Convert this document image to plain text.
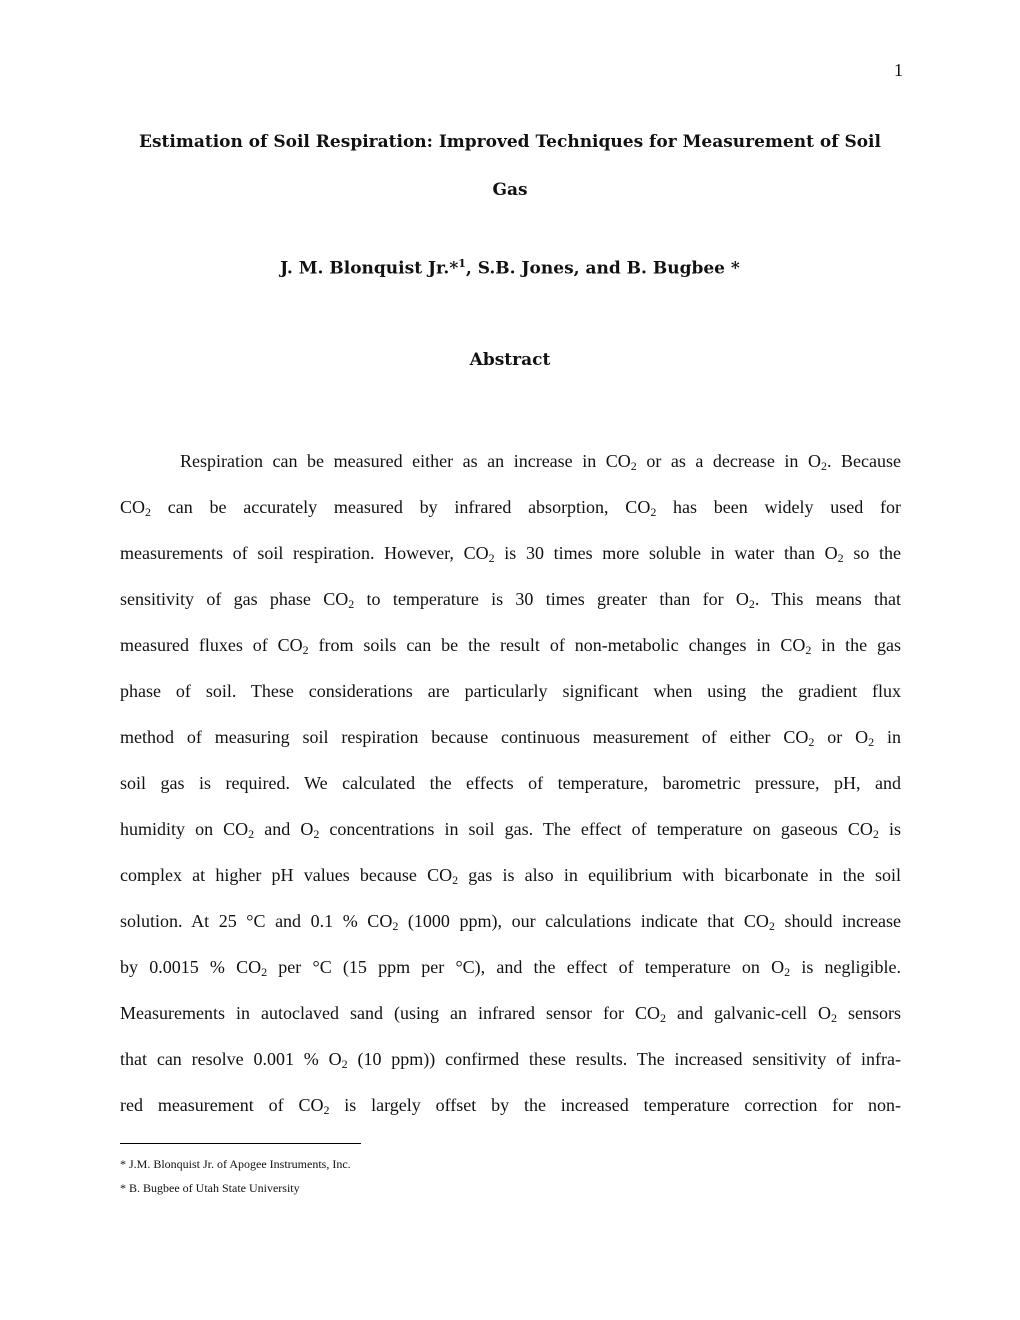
1
Estimation of Soil Respiration: Improved Techniques for Measurement of Soil
Gas
J. M. Blonquist Jr.*$^1$, S.B. Jones, and B. Bugbee *
Abstract
Respiration can be measured either as an increase in $CO_2$ or as a decrease in $O_2$. Because
$CO_2$ can be accurately measured by infrared absorption, $CO_2$ has been widely used for
measurements of soil respiration. However, $CO_2$ is 30 times more soluble in water than $O_2$ so the
sensitivity of gas phase $CO_2$ to temperature is 30 times greater than for $O_2$. This means that
measured fluxes of $CO_2$ from soils can be the result of non-metabolic changes in $CO_2$ in the gas
phase of soil. These considerations are particularly significant when using the gradient flux
method of measuring soil respiration because continuous measurement of either $CO_2$ or $O_2$ in
soil gas is required. We calculated the effects of temperature, barometric pressure, pH, and
humidity on $CO_2$ and $O_2$ concentrations in soil gas. The effect of temperature on gaseous $CO_2$ is
complex at higher pH values because $CO_2$ gas is also in equilibrium with bicarbonate in the soil
solution. At 25 °C and 0.1 % $CO_2$ (1000 ppm), our calculations indicate that $CO_2$ should increase
by 0.0015 % $CO_2$ per °C (15 ppm per °C), and the effect of temperature on $O_2$ is negligible.
Measurements in autoclaved sand (using an infrared sensor for $CO_2$ and galvanic-cell $O_2$ sensors
that can resolve 0.001 % $O_2$ (10 ppm)) confirmed these results. The increased sensitivity of infra-
red measurement of $CO_2$ is largely offset by the increased temperature correction for non-
* J.M. Blonquist Jr. of Apogee Instruments, Inc.
* B. Bugbee of Utah State University
